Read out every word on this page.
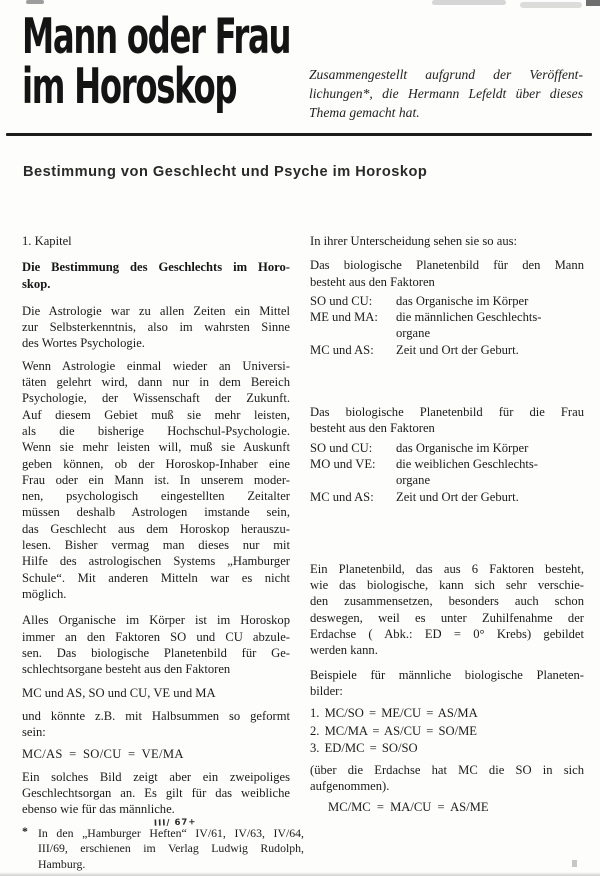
Mann oder Frau
im Horoskop	Zusammengestellt aufgrund der Veröffent-
lichungen*, die Hermann Lefeldt über dieses
Thema gemacht hat.
Bestimmung von Geschlecht und Psyche im Horoskop
1. Kapitel
Die Bestimmung des Geschlechts im Horo-
skop.
Die Astrologie war zu allen Zeiten ein Mittel
zur Selbsterkenntnis, also im wahrsten Sinne
des Wortes Psychologie.
Wenn Astrologie einmal wieder an Universi-
täten gelehrt wird, dann nur in dem Bereich
Psychologie, der Wissenschaft der Zukunft.
Auf diesem Gebiet muß sie mehr leisten,
als die bisherige Hochschul-Psychologie.
Wenn sie mehr leisten will, muß sie Auskunft
geben können, ob der Horoskop-Inhaber eine
Frau oder ein Mann ist. In unserem moder-
nen, psychologisch eingestellten Zeitalter
müssen deshalb Astrologen imstande sein,
das Geschlecht aus dem Horoskop herauszu-
lesen. Bisher vermag man dieses nur mit
Hilfe des astrologischen Systems „Hamburger
Schule“. Mit anderen Mitteln war es nicht
möglich.
Alles Organische im Körper ist im Horoskop
immer an den Faktoren SO und CU abzule-
sen. Das biologische Planetenbild für Ge-
schlechtsorgane besteht aus den Faktoren
MC und AS, SO und CU, VE und MA
und könnte z.B. mit Halbsummen so geformt
sein:
MC/AS = SO/CU = VE/MA
Ein solches Bild zeigt aber ein zweipoliges
Geschlechtsorgan an. Es gilt für das weibliche
ebenso wie für das männliche.
In ihrer Unterscheidung sehen sie so aus:
Das biologische Planetenbild für den Mann
besteht aus den Faktoren
SO und CU:	das Organische im Körper
ME und MA:	die männlichen Geschlechts-
organe
MC und AS:	Zeit und Ort der Geburt.
Das biologische Planetenbild für die Frau
besteht aus den Faktoren
SO und CU:	das Organische im Körper
MO und VE:	die weiblichen Geschlechts-
organe
MC und AS:	Zeit und Ort der Geburt.
Ein Planetenbild, das aus 6 Faktoren besteht,
wie das biologische, kann sich sehr verschie-
den zusammensetzen, besonders auch schon
deswegen, weil es unter Zuhilfenahme der
Erdachse ( Abk.: ED = 0° Krebs) gebildet
werden kann.
Beispiele für männliche biologische Planeten-
bilder:
1. MC/SO = ME/CU = AS/MA
2. MC/MA = AS/CU = SO/ME
3. ED/MC = SO/SO
(über die Erdachse hat MC die SO in sich
aufgenommen).
MC/MC = MA/CU = AS/ME
*
III/ 67+
In den „Hamburger Heften“ IV/61, IV/63, IV/64,
III/69, erschienen im Verlag Ludwig Rudolph,
Hamburg.
